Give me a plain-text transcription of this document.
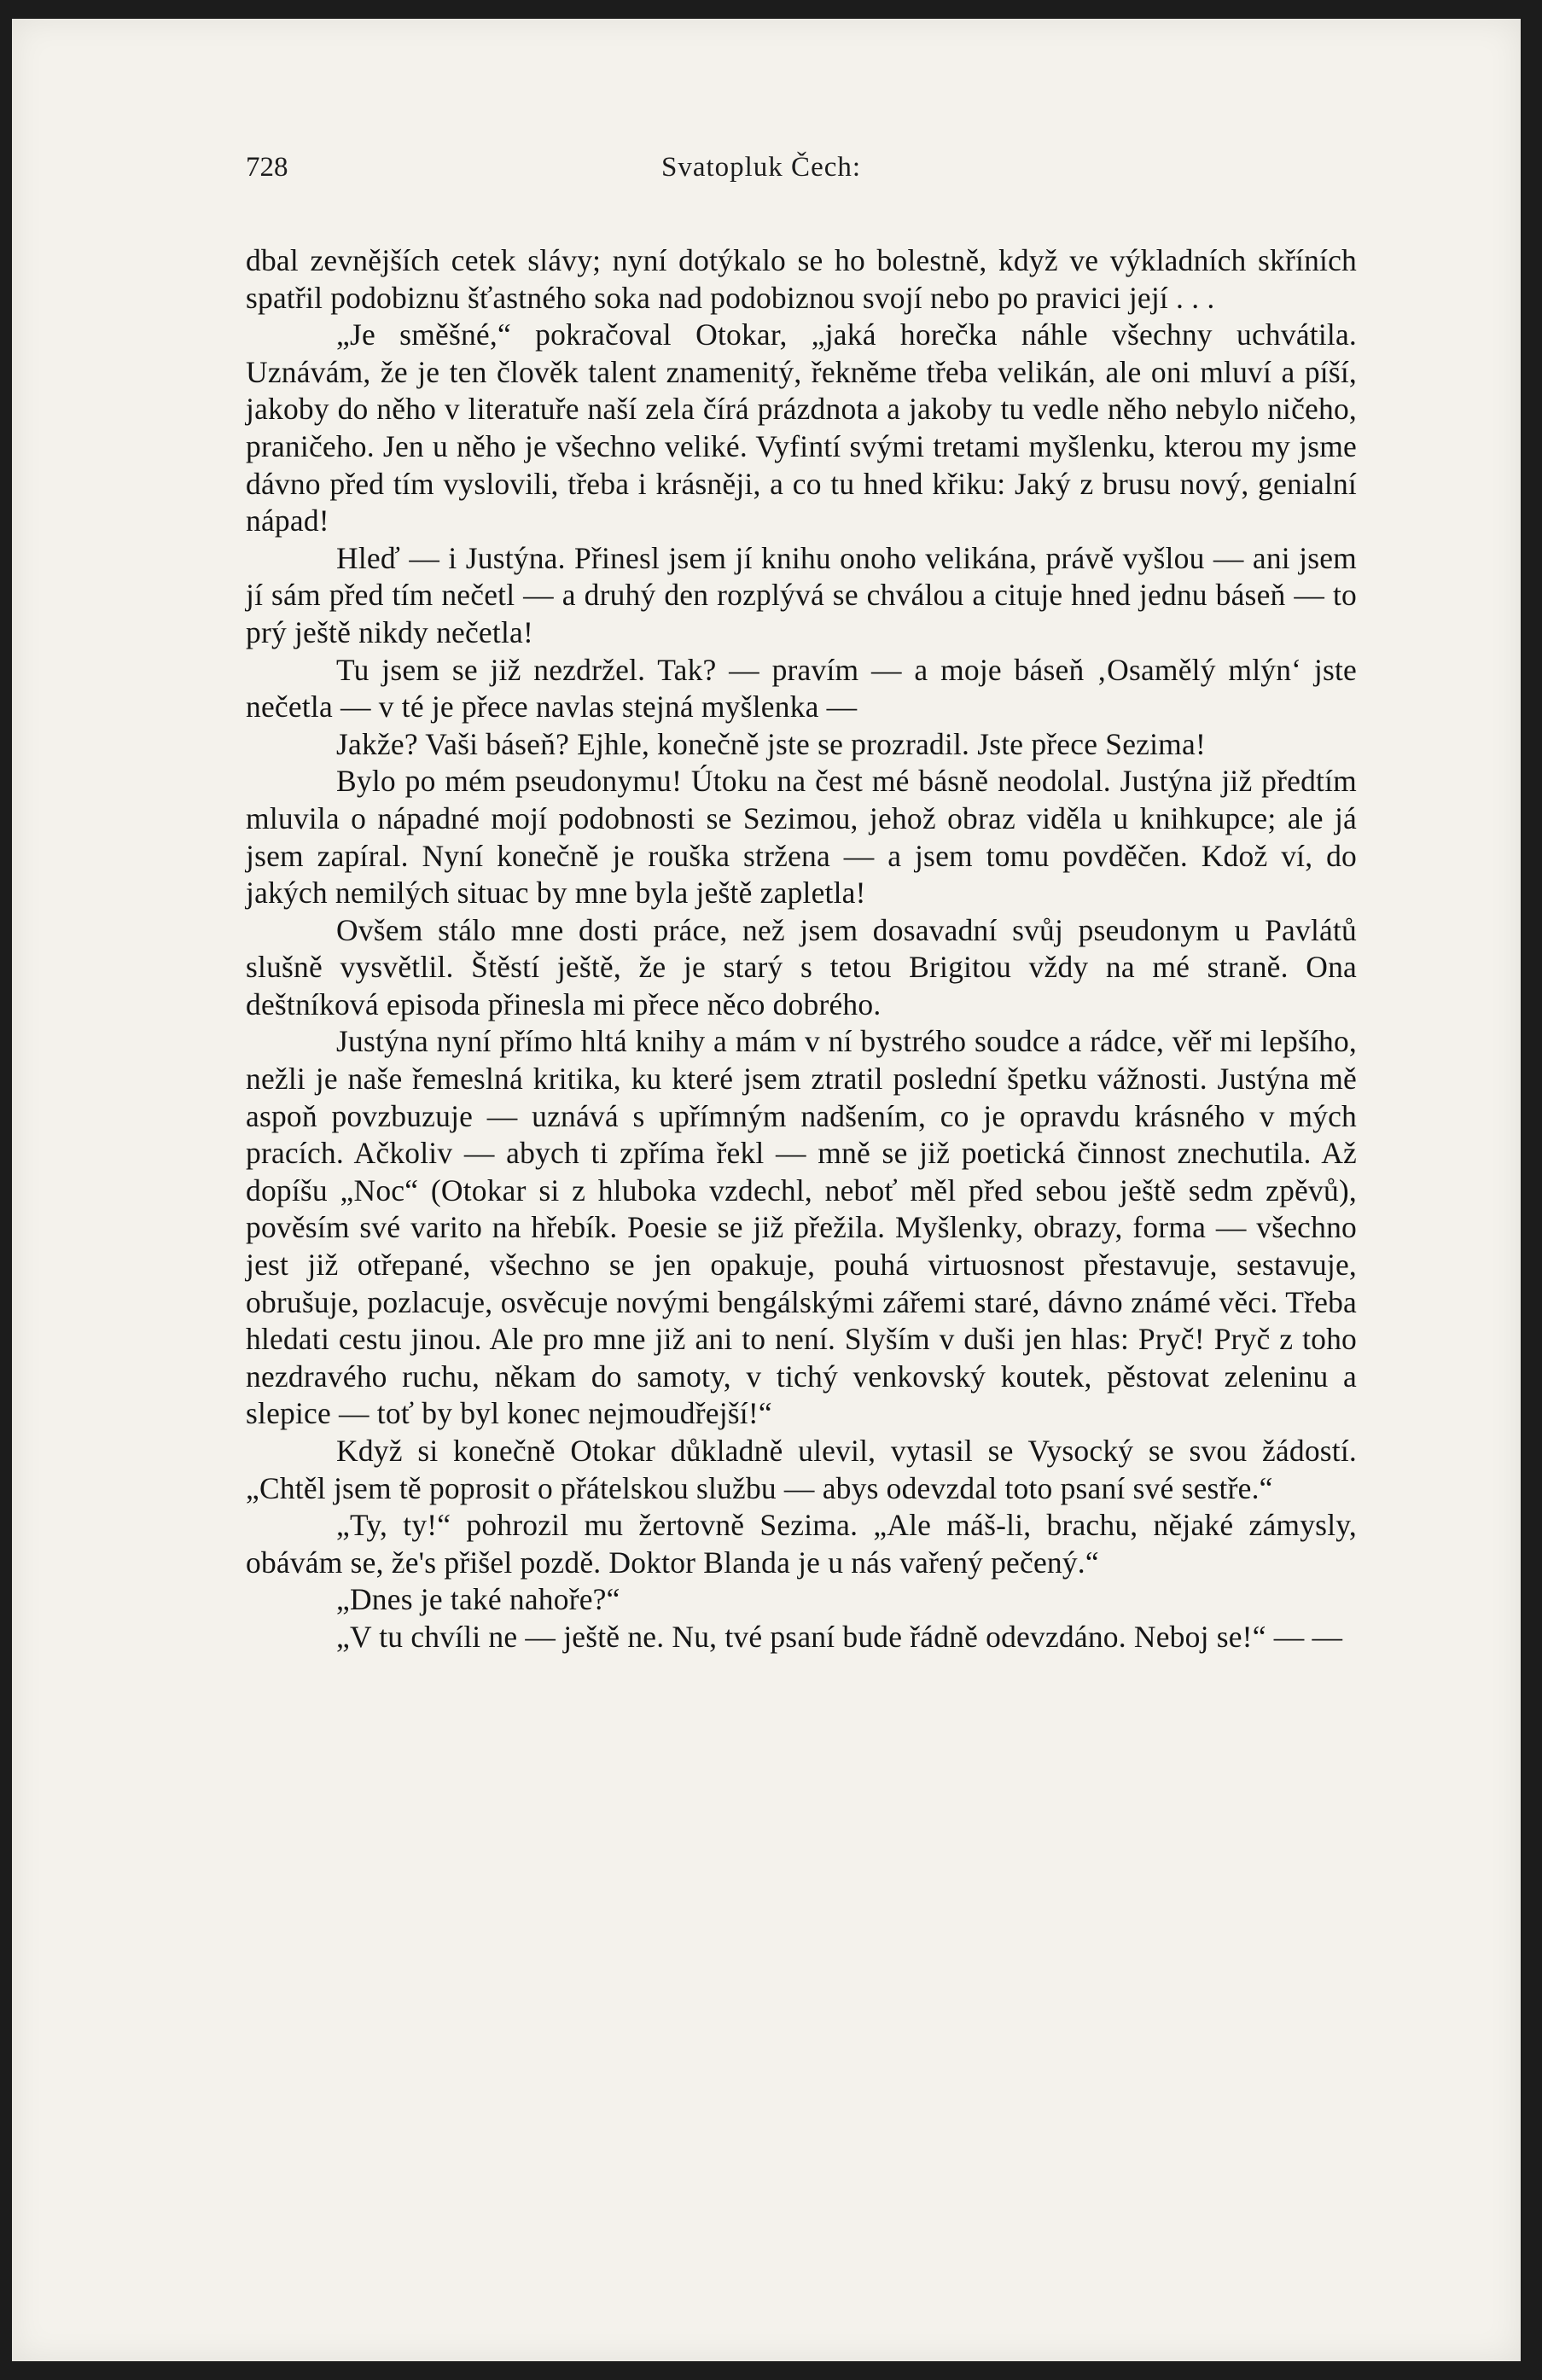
728	Svatopluk Čech:

dbal zevnějších cetek slávy; nyní dotýkalo se ho bolestně, když ve výkladních skříních spatřil podobiznu šťastného soka nad podobiznou svojí nebo po pravici její . . .

„Je směšné,“ pokračoval Otokar, „jaká horečka náhle všechny uchvátila. Uznávám, že je ten člověk talent znamenitý, řekněme třeba velikán, ale oni mluví a píší, jakoby do něho v literatuře naší zela čírá prázdnota a jakoby tu vedle něho nebylo ničeho, praničeho. Jen u něho je všechno veliké. Vyfintí svými tretami myšlenku, kterou my jsme dávno před tím vyslovili, třeba i krásněji, a co tu hned křiku: Jaký z brusu nový, genialní nápad!

Hleď — i Justýna. Přinesl jsem jí knihu onoho velikána, právě vyšlou — ani jsem jí sám před tím nečetl — a druhý den rozplývá se chválou a cituje hned jednu báseň — to prý ještě nikdy nečetla!

Tu jsem se již nezdržel. Tak? — pravím — a moje báseň ‚Osamělý mlýn‘ jste nečetla — v té je přece navlas stejná myšlenka —

Jakže? Vaši báseň? Ejhle, konečně jste se prozradil. Jste přece Sezima!

Bylo po mém pseudonymu! Útoku na čest mé básně neodolal. Justýna již předtím mluvila o nápadné mojí podobnosti se Sezimou, jehož obraz viděla u knihkupce; ale já jsem zapíral. Nyní konečně je rouška stržena — a jsem tomu povděčen. Kdož ví, do jakých nemilých situac by mne byla ještě zapletla!

Ovšem stálo mne dosti práce, než jsem dosavadní svůj pseudonym u Pavlátů slušně vysvětlil. Štěstí ještě, že je starý s tetou Brigitou vždy na mé straně. Ona deštníková episoda přinesla mi přece něco dobrého.

Justýna nyní přímo hltá knihy a mám v ní bystrého soudce a rádce, věř mi lepšího, nežli je naše řemeslná kritika, ku které jsem ztratil poslední špetku vážnosti. Justýna mě aspoň povzbuzuje — uznává s upřímným nadšením, co je opravdu krásného v mých pracích. Ačkoliv — abych ti zpříma řekl — mně se již poetická činnost znechutila. Až dopíšu „Noc“ (Otokar si z hluboka vzdechl, neboť měl před sebou ještě sedm zpěvů), pověsím své varito na hřebík. Poesie se již přežila. Myšlenky, obrazy, forma — všechno jest již otřepané, všechno se jen opakuje, pouhá virtuosnost přestavuje, sestavuje, obrušuje, pozlacuje, osvěcuje novými bengálskými zářemi staré, dávno známé věci. Třeba hledati cestu jinou. Ale pro mne již ani to není. Slyším v duši jen hlas: Pryč! Pryč z toho nezdravého ruchu, někam do samoty, v tichý venkovský koutek, pěstovat zeleninu a slepice — toť by byl konec nejmoudřejší!“

Když si konečně Otokar důkladně ulevil, vytasil se Vysocký se svou žádostí. „Chtěl jsem tě poprosit o přátelskou službu — abys odevzdal toto psaní své sestře.“

„Ty, ty!“ pohrozil mu žertovně Sezima. „Ale máš-li, brachu, nějaké zámysly, obávám se, že's přišel pozdě. Doktor Blanda je u nás vařený pečený.“

„Dnes je také nahoře?“

„V tu chvíli ne — ještě ne. Nu, tvé psaní bude řádně odevzdáno. Neboj se!“ — —
